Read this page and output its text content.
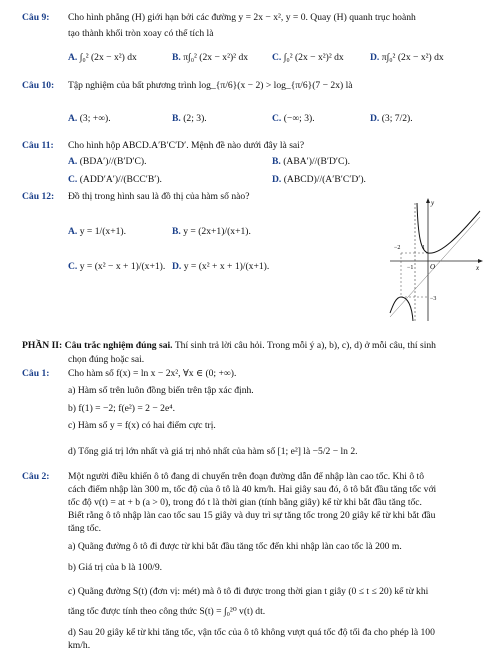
Câu 9: Cho hình phẳng (H) giới hạn bởi các đường y = 2x − x², y = 0. Quay (H) quanh trục hoành
tạo thành khối tròn xoay có thể tích là
A. ∫₀² (2x − x²) dx	B. π∫₀² (2x − x²)² dx C. ∫₀² (2x − x²)² dx	D. π∫₀² (2x − x²) dx
Câu 10: Tập nghiệm của bất phương trình log_{π/6}(x − 2) > log_{π/6}(7 − 2x) là
A. (3; +∞).	B. (2; 3).	C. (−∞; 3).	D. (3; 7/2).
Câu 11: Cho hình hộp ABCD.A′B′C′D′. Mệnh đề nào dưới đây là sai?
A. (BDA′)//(B′D′C).	B. (ABA′)//(B′D′C).
C. (ADD′A′)//(BCC′B′).	D. (ABCD)//(A′B′C′D′).
Câu 12: Đồ thị trong hình sau là đồ thị của hàm số nào?
A. y = 1/(x+1).	B. y = (2x+1)/(x+1).
C. y = (x² − x + 1)/(x+1). D. y = (x² + x + 1)/(x+1).
y
x
O
−2
−1
1
−3
PHẦN II: Câu trắc nghiệm đúng sai. Thí sinh trả lời câu hỏi. Trong mỗi ý a), b), c), d) ở mỗi câu, thí sinh
chọn đúng hoặc sai.
Câu 1: Cho hàm số f(x) = ln x − 2x², ∀x ∈ (0; +∞).
a) Hàm số trên luôn đồng biến trên tập xác định.
b) f(1) = −2; f(e²) = 2 − 2e⁴.
c) Hàm số y = f(x) có hai điểm cực trị.
d) Tổng giá trị lớn nhất và giá trị nhỏ nhất của hàm số [1; e²] là −5/2 − ln 2.
Câu 2: Một người điều khiển ô tô đang di chuyển trên đoạn đường dẫn để nhập làn cao tốc. Khi ô tô
cách điểm nhập làn 300 m, tốc độ của ô tô là 40 km/h. Hai giây sau đó, ô tô bắt đầu tăng tốc với
tốc độ v(t) = at + b (a > 0), trong đó t là thời gian (tính bằng giây) kể từ khi bắt đầu tăng tốc.
Biết rằng ô tô nhập làn cao tốc sau 15 giây và duy trì sự tăng tốc trong 20 giây kể từ khi bắt đầu
tăng tốc.
a) Quãng đường ô tô đi được từ khi bắt đầu tăng tốc đến khi nhập làn cao tốc là 200 m.
b) Giá trị của b là 100/9.
c) Quãng đường S(t) (đơn vị: mét) mà ô tô đi được trong thời gian t giây (0 ≤ t ≤ 20) kể từ khi
tăng tốc được tính theo công thức S(t) = ∫₀²⁰ v(t) dt.
d) Sau 20 giây kể từ khi tăng tốc, vận tốc của ô tô không vượt quá tốc độ tối đa cho phép là 100
km/h.
